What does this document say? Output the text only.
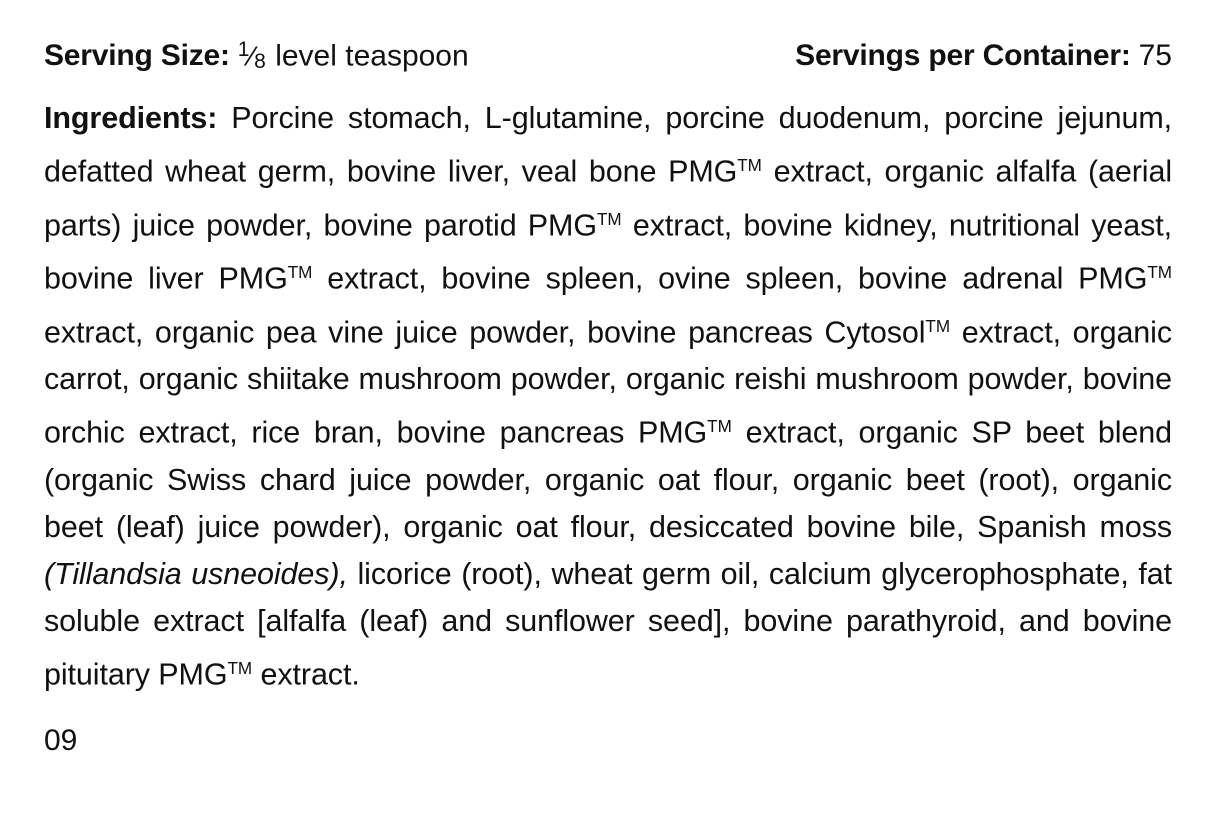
Serving Size: $^1$⁄8 level teaspoon	Servings per Container: 75
Ingredients: Porcine stomach, L-glutamine, porcine duodenum, porcine jejunum, defatted wheat germ, bovine liver, veal bone PMG™ extract, organic alfalfa (aerial parts) juice powder, bovine parotid PMG™ extract, bovine kidney, nutritional yeast, bovine liver PMG™ extract, bovine spleen, ovine spleen, bovine adrenal PMG™ extract, organic pea vine juice powder, bovine pancreas Cytosol™ extract, organic carrot, organic shiitake mushroom powder, organic reishi mushroom powder, bovine orchic extract, rice bran, bovine pancreas PMG™ extract, organic SP beet blend (organic Swiss chard juice powder, organic oat flour, organic beet (root), organic beet (leaf) juice powder), organic oat flour, desiccated bovine bile, Spanish moss (Tillandsia usneoides), licorice (root), wheat germ oil, calcium glycerophosphate, fat soluble extract [alfalfa (leaf) and sunflower seed], bovine parathyroid, and bovine pituitary PMG™ extract.
09
